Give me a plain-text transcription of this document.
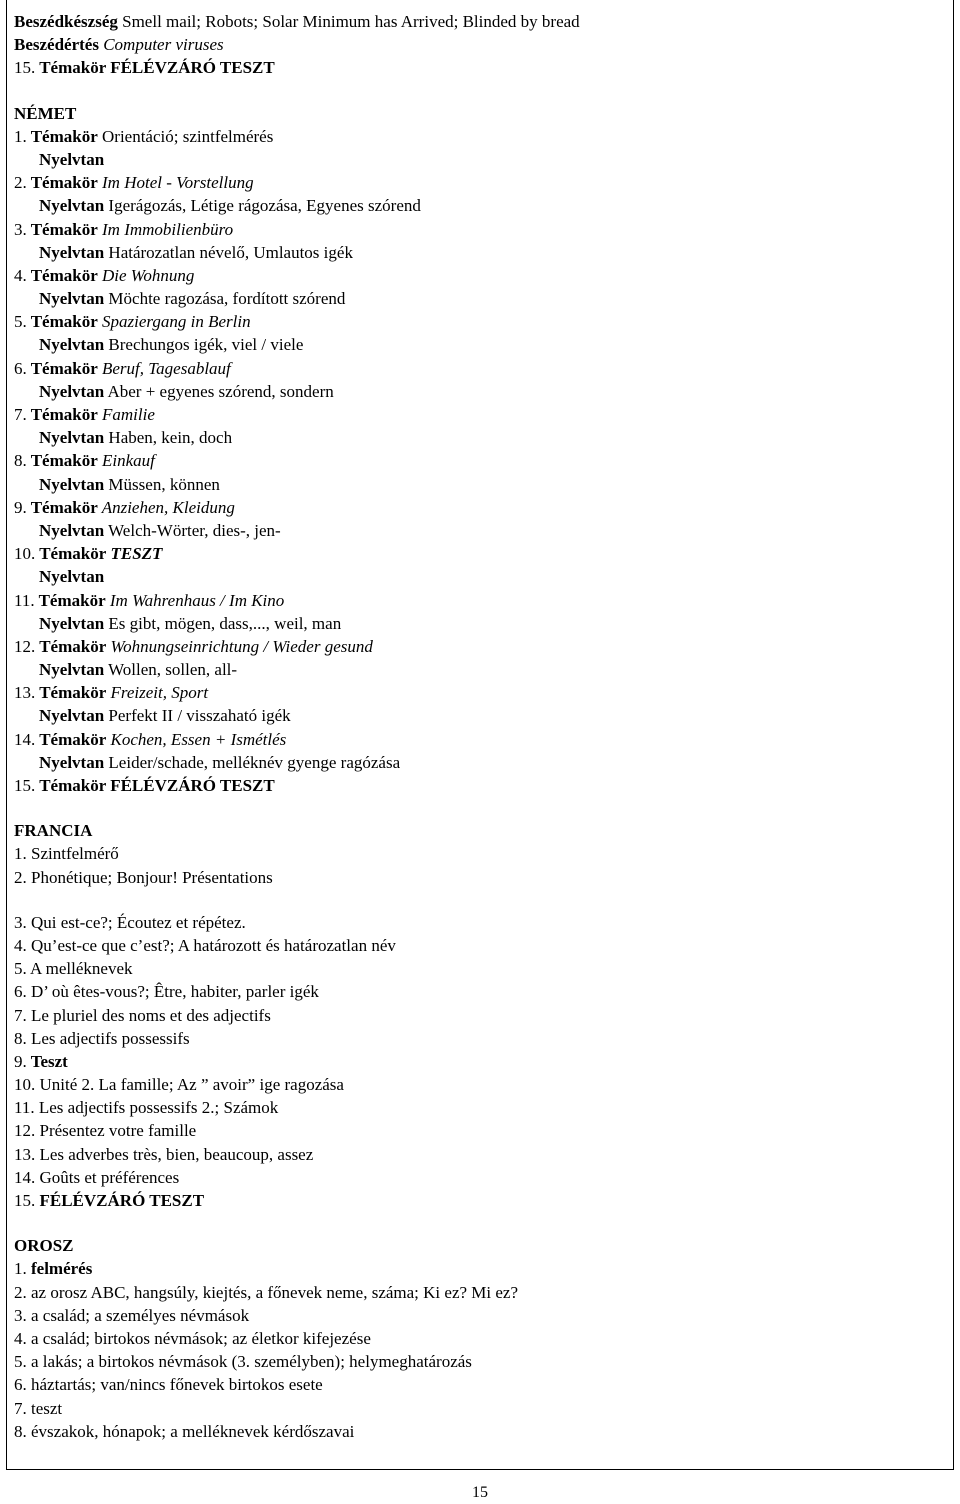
Beszédkészség Smell mail; Robots; Solar Minimum has Arrived; Blinded by bread
Beszédértés Computer viruses
15. Témakör FÉLÉVZÁRÓ TESZT
NÉMET
1. Témakör Orientáció; szintfelmérés
Nyelvtan
2. Témakör Im Hotel - Vorstellung
Nyelvtan Igerágozás, Létige rágozása, Egyenes szórend
3. Témakör Im Immobilienbüro
Nyelvtan Határozatlan névelő, Umlautos igék
4. Témakör Die Wohnung
Nyelvtan Möchte ragozása, fordított szórend
5. Témakör Spaziergang in Berlin
Nyelvtan Brechungos igék, viel / viele
6. Témakör Beruf, Tagesablauf
Nyelvtan Aber + egyenes szórend, sondern
7. Témakör Familie
Nyelvtan Haben, kein, doch
8. Témakör Einkauf
Nyelvtan Müssen, können
9. Témakör Anziehen, Kleidung
Nyelvtan Welch-Wörter, dies-, jen-
10. Témakör TESZT
Nyelvtan
11. Témakör Im Wahrenhaus / Im Kino
Nyelvtan Es gibt, mögen, dass,..., weil, man
12. Témakör Wohnungseinrichtung / Wieder gesund
Nyelvtan Wollen, sollen, all-
13. Témakör Freizeit, Sport
Nyelvtan Perfekt II / visszaható igék
14. Témakör Kochen, Essen + Ismétlés
Nyelvtan Leider/schade, melléknév gyenge ragózása
15. Témakör FÉLÉVZÁRÓ TESZT
FRANCIA
1. Szintfelmérő
2. Phonétique; Bonjour! Présentations
3. Qui est-ce?; Écoutez et répétez.
4. Qu’est-ce que c’est?; A határozott és határozatlan név
5. A melléknevek
6. D’ où êtes-vous?; Être, habiter, parler igék
7. Le pluriel des noms et des adjectifs
8. Les adjectifs possessifs
9. Teszt
10. Unité 2. La famille; Az ” avoir” ige ragozása
11. Les adjectifs possessifs 2.; Számok
12. Présentez votre famille
13. Les adverbes très, bien, beaucoup, assez
14. Goûts et préférences
15. FÉLÉVZÁRÓ TESZT
OROSZ
1. felmérés
2. az orosz ABC, hangsúly, kiejtés, a főnevek neme, száma; Ki ez? Mi ez?
3. a család; a személyes névmások
4. a család; birtokos névmások; az életkor kifejezése
5. a lakás; a birtokos névmások (3. személyben); helymeghatározás
6. háztartás; van/nincs főnevek birtokos esete
7. teszt
8. évszakok, hónapok; a melléknevek kérdőszavai
15
